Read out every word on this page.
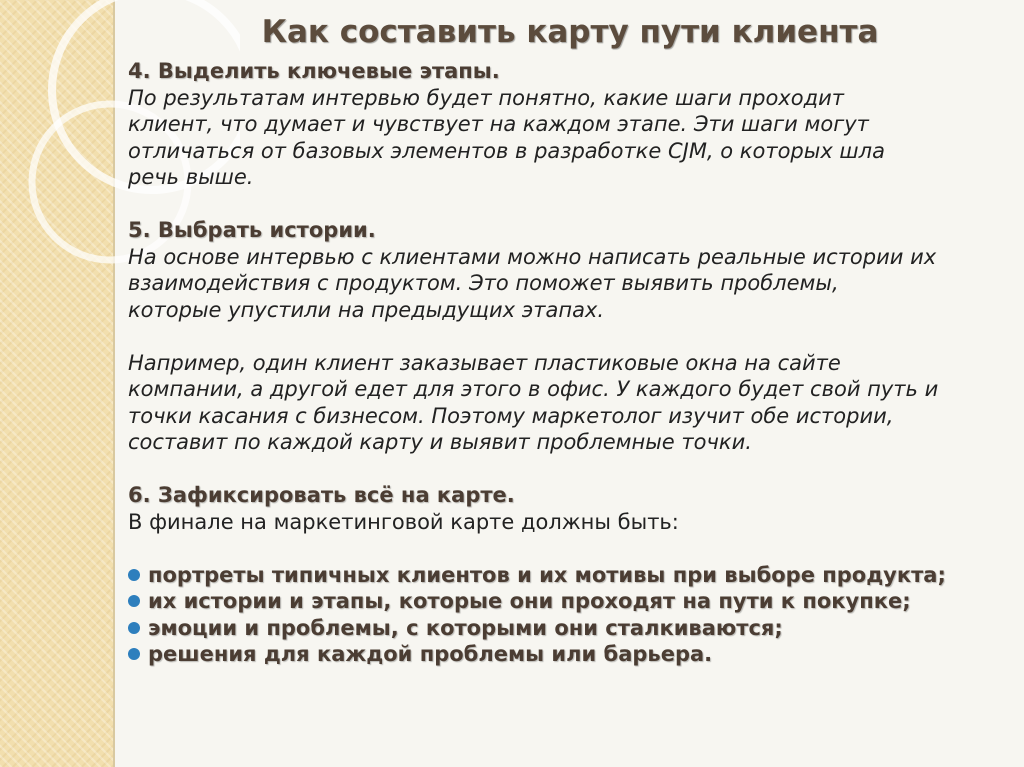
Как составить карту пути клиента

4. Выделить ключевые этапы.

По результатам интервью будет понятно, какие шаги проходит
клиент, что думает и чувствует на каждом этапе. Эти шаги могут
отличаться от базовых элементов в разработке CJM, о которых шла
речь выше.

5. Выбрать истории.

На основе интервью с клиентами можно написать реальные истории их
взаимодействия с продуктом. Это поможет выявить проблемы,
которые упустили на предыдущих этапах.

Например, один клиент заказывает пластиковые окна на сайте
компании, а другой едет для этого в офис. У каждого будет свой путь и
точки касания с бизнесом. Поэтому маркетолог изучит обе истории,
составит по каждой карту и выявит проблемные точки.

6. Зафиксировать всё на карте.

В финале на маркетинговой карте должны быть:

портреты типичных клиентов и их мотивы при выборе продукта;
их истории и этапы, которые они проходят на пути к покупке;
эмоции и проблемы, с которыми они сталкиваются;
решения для каждой проблемы или барьера.
